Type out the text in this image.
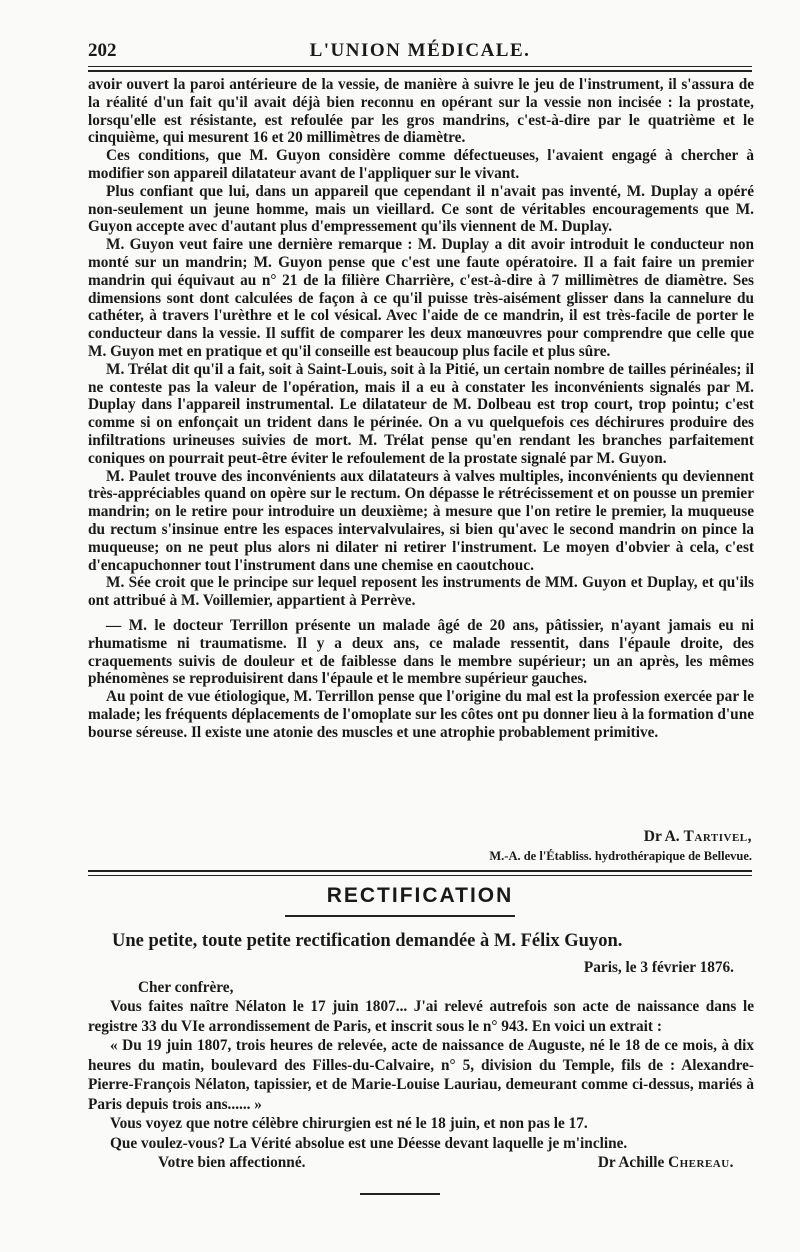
202	L'UNION MÉDICALE.

avoir ouvert la paroi antérieure de la vessie, de manière à suivre le jeu de l'instrument, il s'assura de la réalité d'un fait qu'il avait déjà bien reconnu en opérant sur la vessie non incisée : la prostate, lorsqu'elle est résistante, est refoulée par les gros mandrins, c'est-à-dire par le quatrième et le cinquième, qui mesurent 16 et 20 millimètres de diamètre.

Ces conditions, que M. Guyon considère comme défectueuses, l'avaient engagé à chercher à modifier son appareil dilatateur avant de l'appliquer sur le vivant.

Plus confiant que lui, dans un appareil que cependant il n'avait pas inventé, M. Duplay a opéré non-seulement un jeune homme, mais un vieillard. Ce sont de véritables encouragements que M. Guyon accepte avec d'autant plus d'empressement qu'ils viennent de M. Duplay.

M. Guyon veut faire une dernière remarque : M. Duplay a dit avoir introduit le conducteur non monté sur un mandrin; M. Guyon pense que c'est une faute opératoire. Il a fait faire un premier mandrin qui équivaut au n° 21 de la filière Charrière, c'est-à-dire à 7 millimètres de diamètre. Ses dimensions sont dont calculées de façon à ce qu'il puisse très-aisément glisser dans la cannelure du cathéter, à travers l'urèthre et le col vésical. Avec l'aide de ce mandrin, il est très-facile de porter le conducteur dans la vessie. Il suffit de comparer les deux manœuvres pour comprendre que celle que M. Guyon met en pratique et qu'il conseille est beaucoup plus facile et plus sûre.

M. Trélat dit qu'il a fait, soit à Saint-Louis, soit à la Pitié, un certain nombre de tailles périnéales; il ne conteste pas la valeur de l'opération, mais il a eu à constater les inconvénients signalés par M. Duplay dans l'appareil instrumental. Le dilatateur de M. Dolbeau est trop court, trop pointu; c'est comme si on enfonçait un trident dans le périnée. On a vu quelquefois ces déchirures produire des infiltrations urineuses suivies de mort. M. Trélat pense qu'en rendant les branches parfaitement coniques on pourrait peut-être éviter le refoulement de la prostate signalé par M. Guyon.

M. Paulet trouve des inconvénients aux dilatateurs à valves multiples, inconvénients qu deviennent très-appréciables quand on opère sur le rectum. On dépasse le rétrécissement et on pousse un premier mandrin; on le retire pour introduire un deuxième; à mesure que l'on retire le premier, la muqueuse du rectum s'insinue entre les espaces intervalvulaires, si bien qu'avec le second mandrin on pince la muqueuse; on ne peut plus alors ni dilater ni retirer l'instrument. Le moyen d'obvier à cela, c'est d'encapuchonner tout l'instrument dans une chemise en caoutchouc.

M. Sée croit que le principe sur lequel reposent les instruments de MM. Guyon et Duplay, et qu'ils ont attribué à M. Voillemier, appartient à Perrève.

— M. le docteur Terrillon présente un malade âgé de 20 ans, pâtissier, n'ayant jamais eu ni rhumatisme ni traumatisme. Il y a deux ans, ce malade ressentit, dans l'épaule droite, des craquements suivis de douleur et de faiblesse dans le membre supérieur; un an après, les mêmes phénomènes se reproduisirent dans l'épaule et le membre supérieur gauches.

Au point de vue étiologique, M. Terrillon pense que l'origine du mal est la profession exercée par le malade; les fréquents déplacements de l'omoplate sur les côtes ont pu donner lieu à la formation d'une bourse séreuse. Il existe une atonie des muscles et une atrophie probablement primitive.

Dr A. Tartivel,
M.-A. de l'Établiss. hydrothérapique de Bellevue.
RECTIFICATION
Une petite, toute petite rectification demandée à M. Félix Guyon.

Paris, le 3 février 1876.

Cher confrère,

Vous faites naître Nélaton le 17 juin 1807... J'ai relevé autrefois son acte de naissance dans le registre 33 du VIe arrondissement de Paris, et inscrit sous le n° 943. En voici un extrait :

« Du 19 juin 1807, trois heures de relevée, acte de naissance de Auguste, né le 18 de ce mois, à dix heures du matin, boulevard des Filles-du-Calvaire, n° 5, division du Temple, fils de : Alexandre-Pierre-François Nélaton, tapissier, et de Marie-Louise Lauriau, demeurant comme ci-dessus, mariés à Paris depuis trois ans...... »

Vous voyez que notre célèbre chirurgien est né le 18 juin, et non pas le 17.

Que voulez-vous? La Vérité absolue est une Déesse devant laquelle je m'incline.

Votre bien affectionné.	Dr Achille Chereau.
